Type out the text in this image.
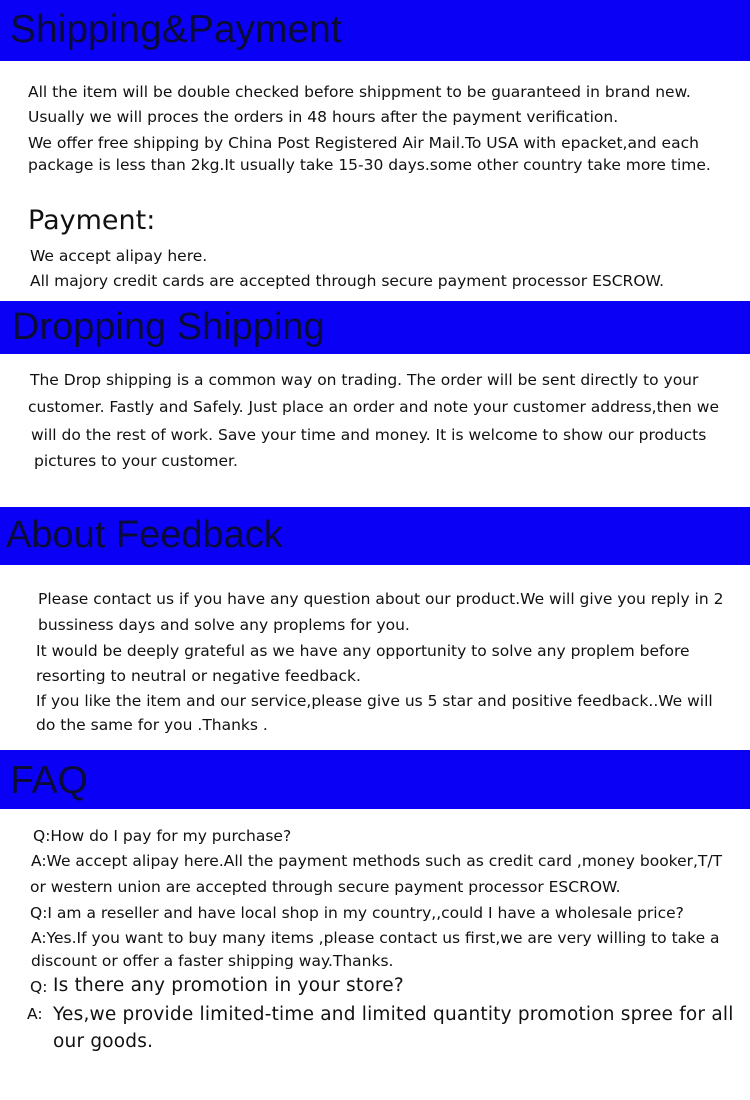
Shipping&Payment

All the item will be double checked before shippment to be guaranteed in brand new.

Usually we will proces the orders in 48 hours after the payment verification.

We offer free shipping by China Post Registered Air Mail.To USA with epacket,and each

package is less than 2kg.It usually take 15-30 days.some other country take more time.

Payment:

We accept alipay here.

All majory credit cards are accepted through secure payment processor ESCROW.

Dropping Shipping

The Drop shipping is a common way on trading. The order will be sent directly to your

customer. Fastly and Safely. Just place an order and note your customer address,then we

will do the rest of work. Save your time and money. It is welcome to show our products

pictures to your customer.

About Feedback

Please contact us if you have any question about our product.We will give you reply in 2

bussiness days and solve any proplems for you.

It would be deeply grateful as we have any opportunity to solve any proplem before

resorting to neutral or negative feedback.

If you like the item and our service,please give us 5 star and positive feedback..We will

do the same for you .Thanks .

FAQ

Q:How do I pay for my purchase?

A:We accept alipay here.All the payment methods such as credit card ,money booker,T/T

or western union are accepted through secure payment processor ESCROW.

Q:I am a reseller and have local shop in my country,,could I have a wholesale price?

A:Yes.If you want to buy many items ,please contact us first,we are very willing to take a

discount or offer a faster shipping way.Thanks.

Q: Is there any promotion in your store?

A: Yes,we provide limited-time and limited quantity promotion spree for all

our goods.
